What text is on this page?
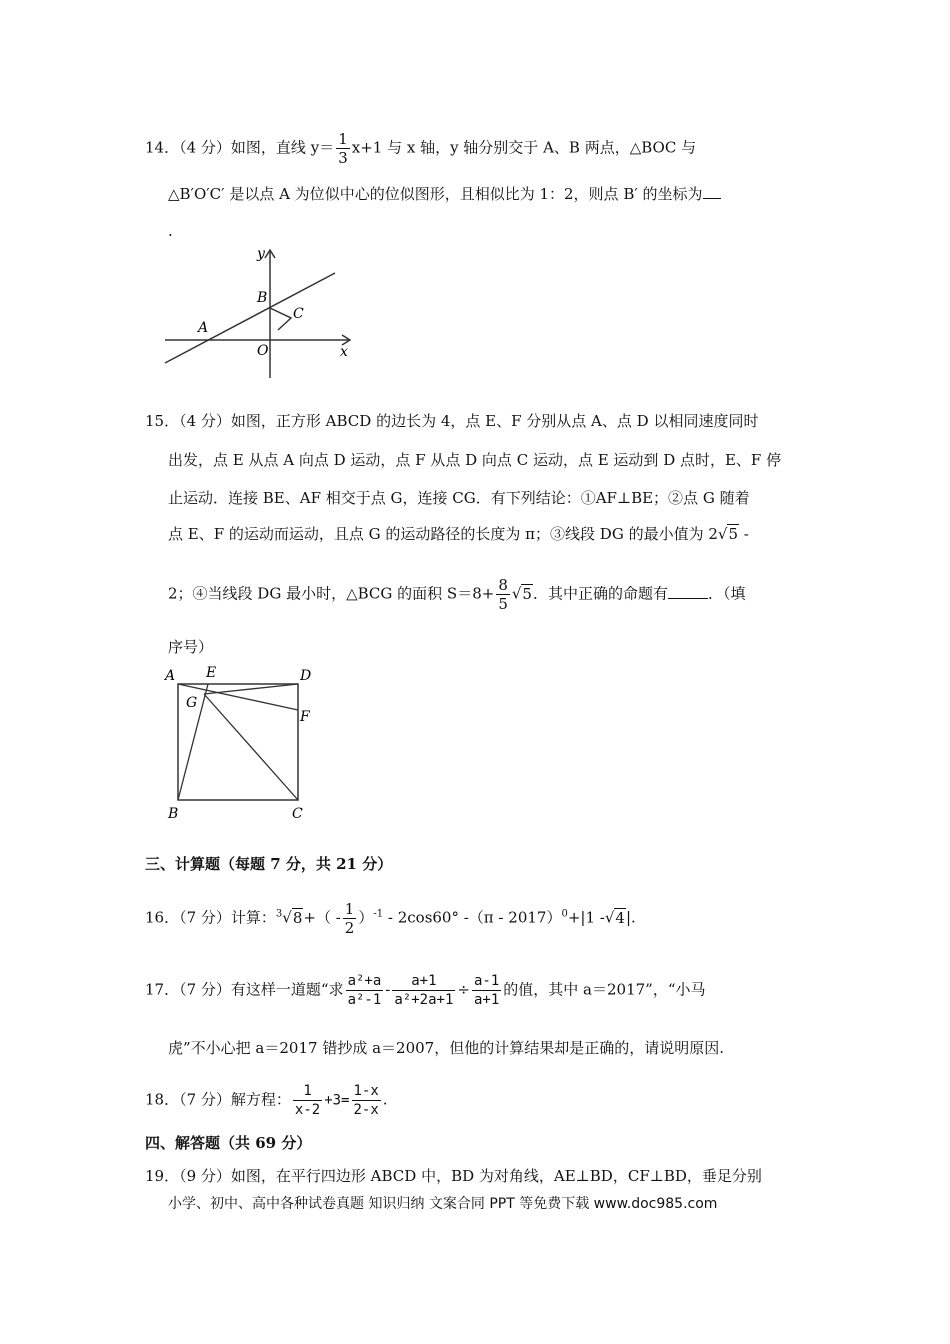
14．（4 分）如图，直线 $y= \frac{1}{3} x+1$ 与 x 轴，y 轴分别交于 A、B 两点，△BOC 与
△B′O′C′ 是以点 A 为位似中心的位似图形，且相似比为 1：2，则点 B′ 的坐标为
.
y
B
C
A
O	x
15．（4 分）如图，正方形 ABCD 的边长为 4，点 E、F 分别从点 A、点 D 以相同速度同时
出发，点 E 从点 A 向点 D 运动，点 F 从点 D 向点 C 运动，点 E 运动到 D 点时，E、F 停
止运动．连接 BE、AF 相交于点 G，连接 CG．有下列结论：①AF⊥BE；②点 G 随着
点 E、F 的运动而运动，且点 G 的运动路径的长度为 π；③线段 DG 的最小值为 2√5 -
2；④当线段 DG 最小时，△BCG 的面积 $S=8+ \frac{8}{5} √5$．其中正确的命题有	．（填
序号）
A E	D
G
F
B	C
三、计算题（每题 7 分，共 21 分）
16．（7 分）计算：$^3√8+( - \frac{1}{2} )^{-1} - 2\cos 60^\circ$ -（π - 2017）$^0$+|1 -√4|.
17．（7 分）有这样一道题“求 $\frac{\text{a²+a}}{\text{a²-1}} - \frac{a+1}{\text{a²+2a+1}} \div \frac{a-1}{a+1}$ 的值，其中 a＝2017”，“小马
虎”不小心把 a＝2017 错抄成 a＝2007，但他的计算结果却是正确的，请说明原因.
18．（7 分）解方程： $\frac{1}{x-2} +3= \frac{1-x}{2-x}$ .
四、解答题（共 69 分）
19．（9 分）如图，在平行四边形 ABCD 中，BD 为对角线，AE⊥BD，CF⊥BD，垂足分别
小学、初中、高中各种试卷真题 知识归纳 文案合同 PPT 等免费下载 www.doc985.com
